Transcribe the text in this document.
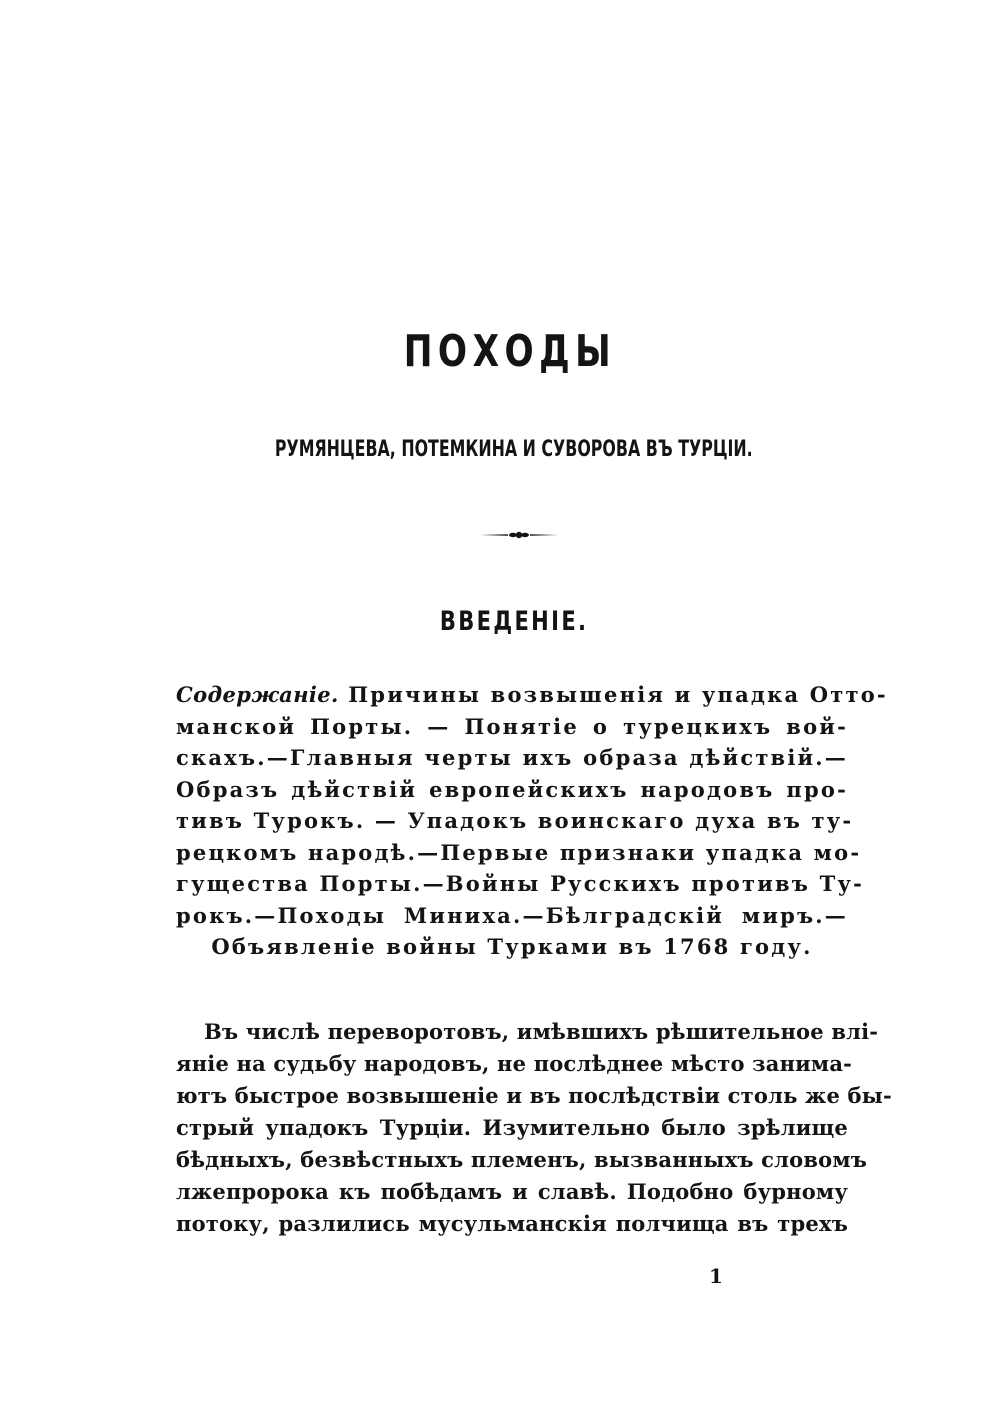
ПОХОДЫ
РУМЯНЦЕВА, ПОТЕМКИНА И СУВОРОВА ВЪ ТУРЦІИ.
ВВЕДЕНІЕ.
Содержаніе. Причины возвышенія и упадка Отто-
манской Порты. — Понятіе о турецкихъ вой-
скахъ.—Главныя черты ихъ образа дѣйствій.—
Образъ дѣйствій европейскихъ народовъ про-
тивъ Турокъ. — Упадокъ воинскаго духа въ ту-
рецкомъ народѣ.—Первые признаки упадка мо-
гущества Порты.—Войны Русскихъ противъ Ту-
рокъ.—Походы Миниха.—Бѣлградскій миръ.—
Объявленіе войны Турками въ 1768 году.
Въ числѣ переворотовъ, имѣвшихъ рѣшительное влі-
яніе на судьбу народовъ, не послѣднее мѣсто занима-
ютъ быстрое возвышеніе и въ послѣдствіи столь же бы-
стрый упадокъ Турціи. Изумительно было зрѣлище
бѣдныхъ, безвѣстныхъ племенъ, вызванныхъ словомъ
лжепророка къ побѣдамъ и славѣ. Подобно бурному
потоку, разлились мусульманскія полчища въ трехъ
1
